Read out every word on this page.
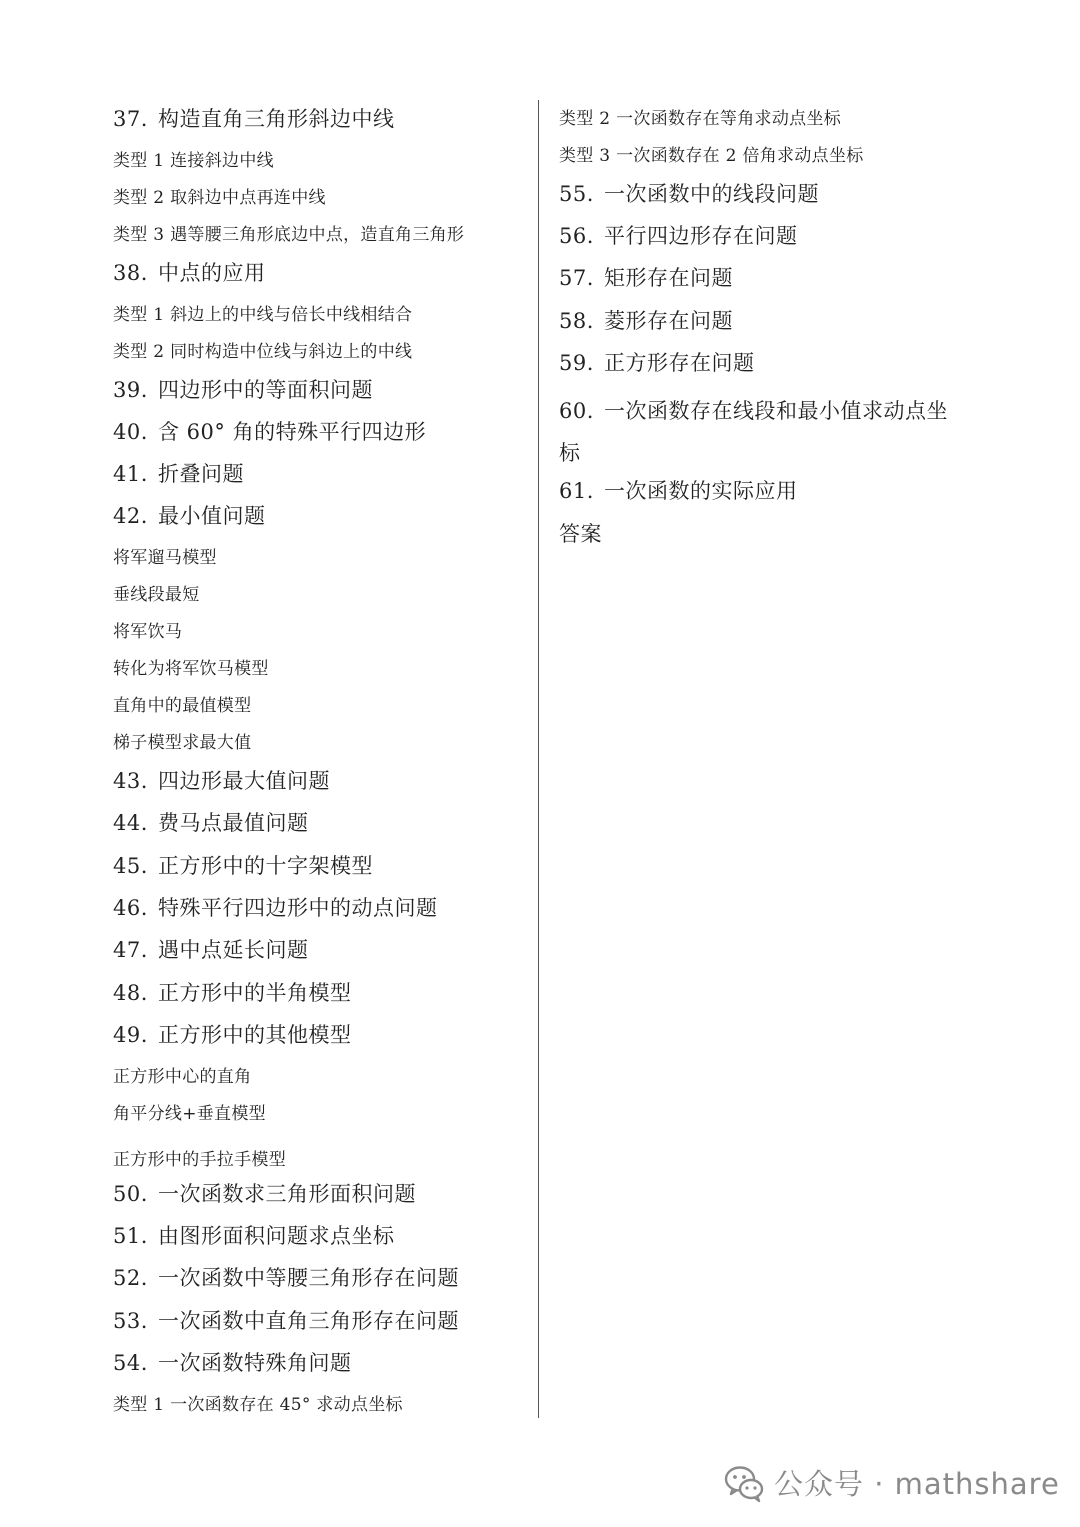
37. 构造直角三角形斜边中线
类型 1 连接斜边中线
类型 2 取斜边中点再连中线
类型 3 遇等腰三角形底边中点，造直角三角形
38. 中点的应用
类型 1 斜边上的中线与倍长中线相结合
类型 2 同时构造中位线与斜边上的中线
39. 四边形中的等面积问题
40. 含 60° 角的特殊平行四边形
41. 折叠问题
42. 最小值问题
将军遛马模型
垂线段最短
将军饮马
转化为将军饮马模型
直角中的最值模型
梯子模型求最大值
43. 四边形最大值问题
44. 费马点最值问题
45. 正方形中的十字架模型
46. 特殊平行四边形中的动点问题
47. 遇中点延长问题
48. 正方形中的半角模型
49. 正方形中的其他模型
正方形中心的直角
角平分线+垂直模型
正方形中的手拉手模型
50. 一次函数求三角形面积问题
51. 由图形面积问题求点坐标
52. 一次函数中等腰三角形存在问题
53. 一次函数中直角三角形存在问题
54. 一次函数特殊角问题
类型 1 一次函数存在 45° 求动点坐标
类型 2 一次函数存在等角求动点坐标
类型 3 一次函数存在 2 倍角求动点坐标
55. 一次函数中的线段问题
56. 平行四边形存在问题
57. 矩形存在问题
58. 菱形存在问题
59. 正方形存在问题
60. 一次函数存在线段和最小值求动点坐标
61. 一次函数的实际应用
答案
公众号 · mathshare
